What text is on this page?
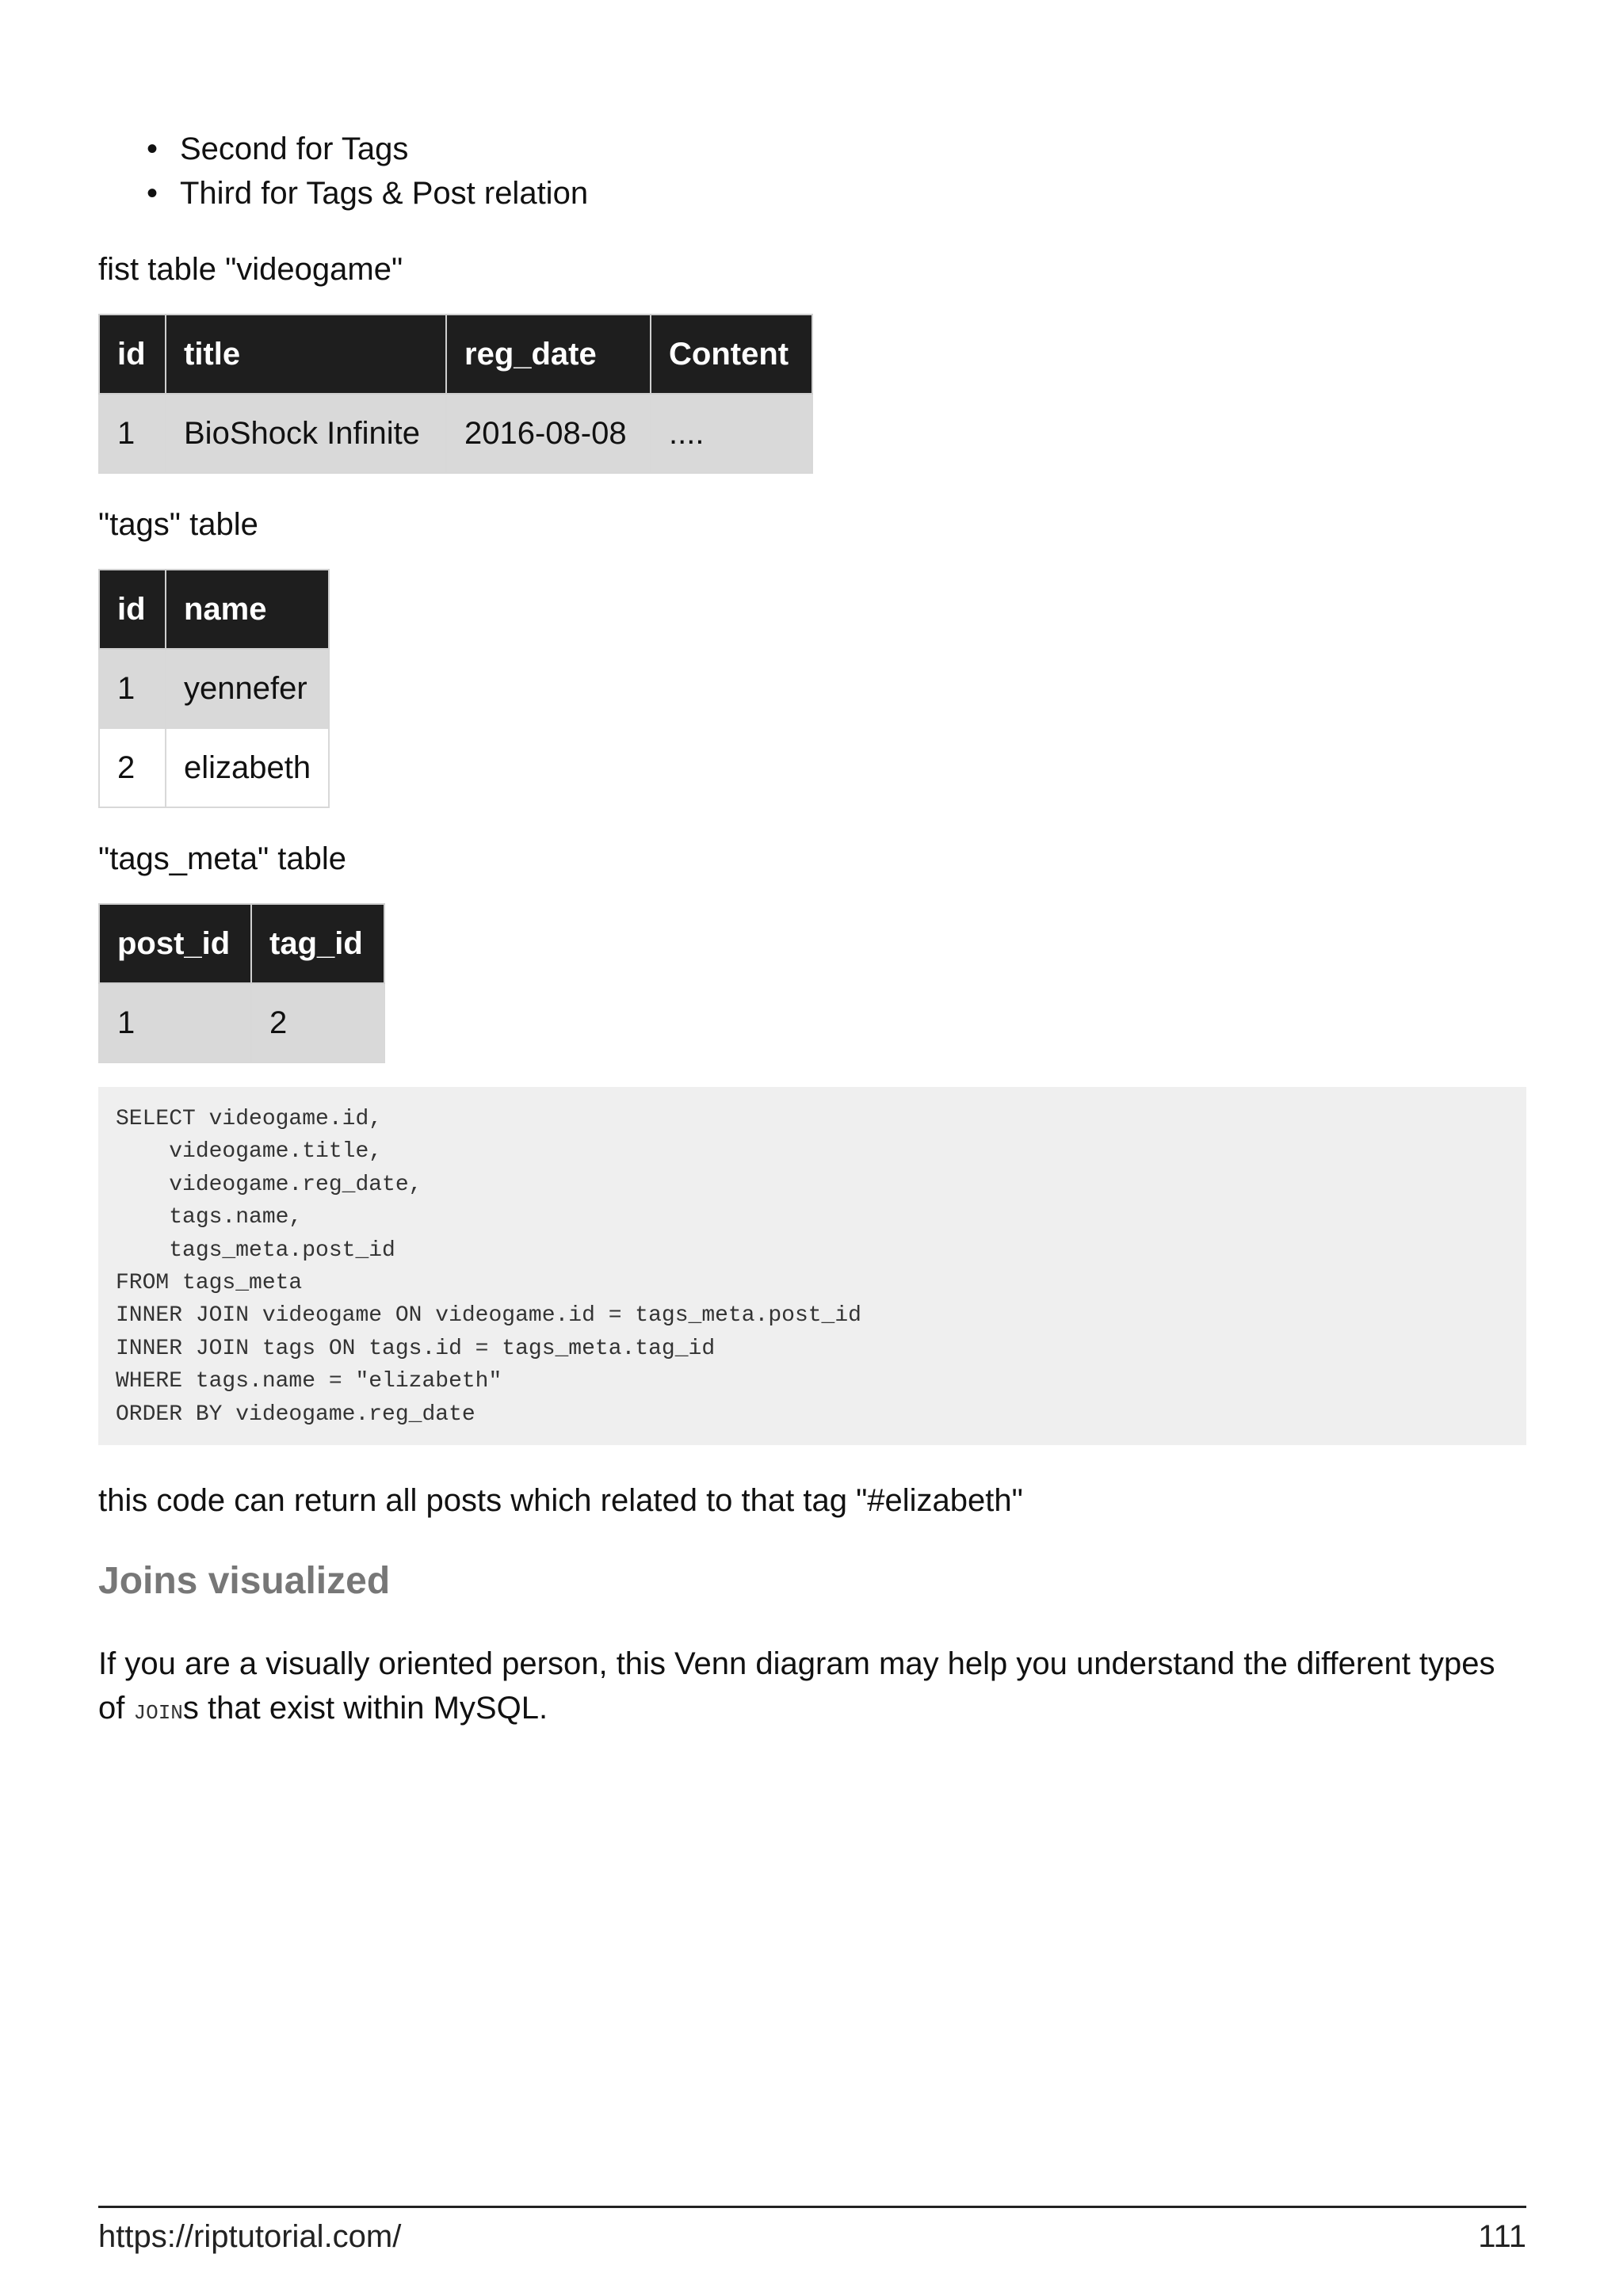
• Second for Tags
• Third for Tags & Post relation

fist table "videogame"

id	title	reg_date	Content
1	BioShock Infinite	2016-08-08	....

"tags" table

id	name
1	yennefer
2	elizabeth

"tags_meta" table

post_id	tag_id
1	2
SELECT videogame.id,
videogame.title,
videogame.reg_date,
tags.name,
tags_meta.post_id
FROM tags_meta
INNER JOIN videogame ON videogame.id = tags_meta.post_id
INNER JOIN tags ON tags.id = tags_meta.tag_id
WHERE tags.name = "elizabeth"
ORDER BY videogame.reg_date

this code can return all posts which related to that tag "#elizabeth"

Joins visualized

If you are a visually oriented person, this Venn diagram may help you understand the different types of JOINs that exist within MySQL.

https://riptutorial.com/	111
